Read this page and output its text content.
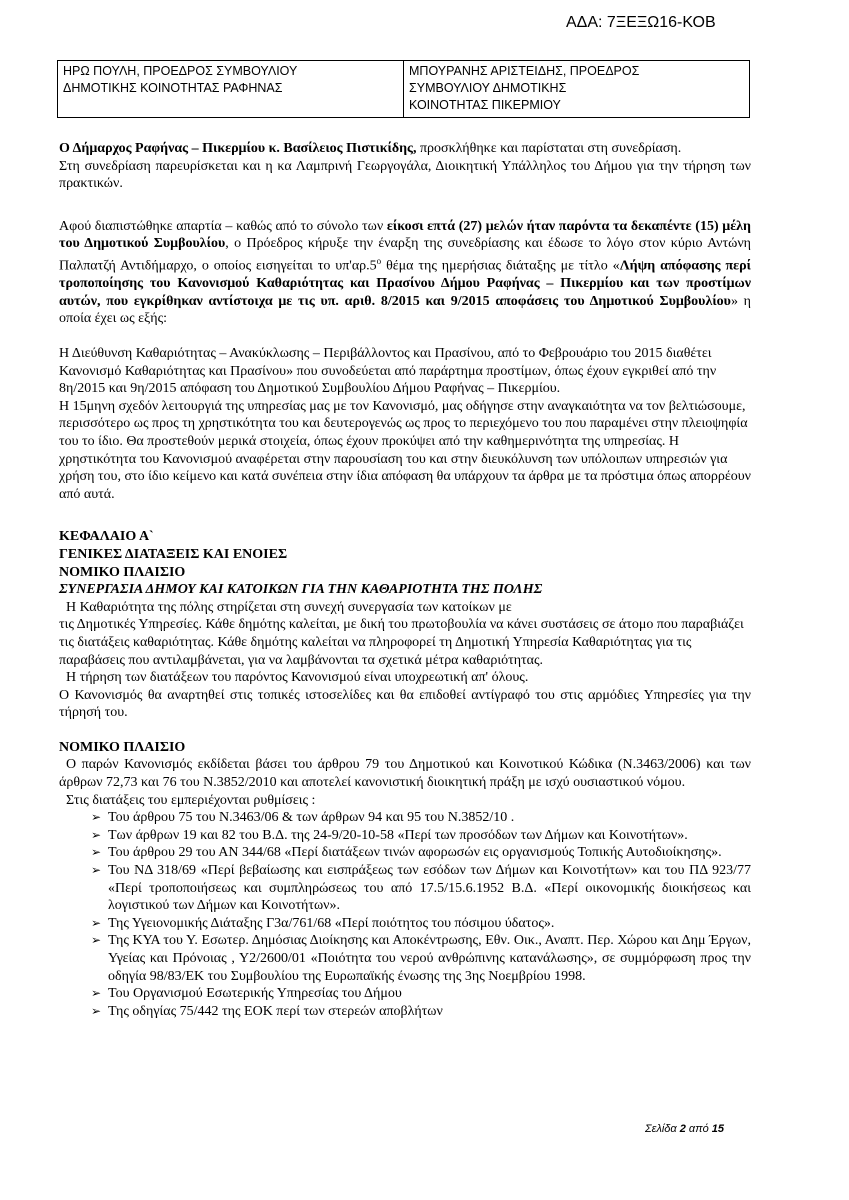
ΑΔΑ: 7ΞΕΞΩ16-ΚΟΒ
ΗΡΩ ΠΟΥΛΗ, ΠΡΟΕΔΡΟΣ ΣΥΜΒΟΥΛΙΟΥ
ΔΗΜΟΤΙΚΗΣ ΚΟΙΝΟΤΗΤΑΣ ΡΑΦΗΝΑΣ

ΜΠΟΥΡΑΝΗΣ ΑΡΙΣΤΕΙΔΗΣ, ΠΡΟΕΔΡΟΣ
ΣΥΜΒΟΥΛΙΟΥ ΔΗΜΟΤΙΚΗΣ
ΚΟΙΝΟΤΗΤΑΣ ΠΙΚΕΡΜΙΟΥ

Ο Δήμαρχος Ραφήνας – Πικερμίου κ. Βασίλειος Πιστικίδης, προσκλήθηκε και παρίσταται στη συνεδρίαση.

Στη συνεδρίαση παρευρίσκεται και η κα Λαμπρινή Γεωργογάλα, Διοικητική Υπάλληλος του Δήμου για την τήρηση των πρακτικών.

Αφού διαπιστώθηκε απαρτία – καθώς από το σύνολο των είκοσι επτά (27) μελών ήταν παρόντα τα δεκαπέντε (15) μέλη του Δημοτικού Συμβουλίου, ο Πρόεδρος κήρυξε την έναρξη της συνεδρίασης και έδωσε το λόγο στον κύριο Αντώνη Παλπατζή Αντιδήμαρχο, ο οποίος εισηγείται το $\upsilon\pi'\alpha\rho.5^o$ θέμα της ημερήσιας διάταξης με τίτλο «Λήψη απόφασης περί τροποποίησης του Κανονισμού Καθαριότητας και Πρασίνου Δήμου Ραφήνας – Πικερμίου και των προστίμων αυτών, που εγκρίθηκαν αντίστοιχα με τις υπ. αριθ. 8/2015 και 9/2015 αποφάσεις του Δημοτικού Συμβουλίου» η οποία έχει ως εξής:

Η Διεύθυνση Καθαριότητας – Ανακύκλωσης – Περιβάλλοντος και Πρασίνου, από το Φεβρουάριο του 2015 διαθέτει Κανονισμό Καθαριότητας και Πρασίνου» που συνοδεύεται από παράρτημα προστίμων, όπως έχουν εγκριθεί από την 8η/2015 και 9η/2015 απόφαση του Δημοτικού Συμβουλίου Δήμου Ραφήνας – Πικερμίου.

Η 15μηνη σχεδόν λειτουργιά της υπηρεσίας μας με τον Κανονισμό, μας οδήγησε στην αναγκαιότητα να τον βελτιώσουμε, περισσότερο ως προς τη χρηστικότητα του και δευτερογενώς ως προς το περιεχόμενο του που παραμένει στην πλειοψηφία του το ίδιο. Θα προστεθούν μερικά στοιχεία, όπως έχουν προκύψει από την καθημερινότητα της υπηρεσίας. Η χρηστικότητα του Κανονισμού αναφέρεται στην παρουσίαση του και στην διευκόλυνση των υπόλοιπων υπηρεσιών για χρήση του, στο ίδιο κείμενο και κατά συνέπεια στην ίδια απόφαση θα υπάρχουν τα άρθρα με τα πρόστιμα όπως απορρέουν από αυτά.

ΚΕΦΑΛΑΙΟ Α`

ΓΕΝΙΚΕΣ ΔΙΑΤΑΞΕΙΣ ΚΑΙ ΕΝΟΙΕΣ

ΝΟΜΙΚΟ ΠΛΑΙΣΙΟ

ΣΥΝΕΡΓΑΣΙΑ ΔΗΜΟΥ ΚΑΙ ΚΑΤΟΙΚΩΝ ΓΙΑ ΤΗΝ ΚΑΘΑΡΙΟΤΗΤΑ ΤΗΣ ΠΟΛΗΣ

Η Καθαριότητα της πόλης στηρίζεται στη συνεχή συνεργασία των κατοίκων με

τις Δημοτικές Υπηρεσίες. Κάθε δημότης καλείται, με δική του πρωτοβουλία να κάνει συστάσεις σε άτομο που παραβιάζει τις διατάξεις καθαριότητας. Κάθε δημότης καλείται να πληροφορεί τη Δημοτική Υπηρεσία Καθαριότητας για τις παραβάσεις που αντιλαμβάνεται, για να λαμβάνονται τα σχετικά μέτρα καθαριότητας.

Η τήρηση των διατάξεων του παρόντος Κανονισμού είναι υποχρεωτική απ' όλους.

Ο Κανονισμός θα αναρτηθεί στις τοπικές ιστοσελίδες και θα επιδοθεί αντίγραφό του στις αρμόδιες Υπηρεσίες για την τήρησή του.

ΝΟΜΙΚΟ ΠΛΑΙΣΙΟ

Ο παρών Κανονισμός εκδίδεται βάσει του άρθρου 79 του Δημοτικού και Κοινοτικού Κώδικα (Ν.3463/2006) και των άρθρων 72,73 και 76 του Ν.3852/2010 και αποτελεί κανονιστική διοικητική πράξη με ισχύ ουσιαστικού νόμου.

Στις διατάξεις του εμπεριέχονται ρυθμίσεις :

➢ Του άρθρου 75 του Ν.3463/06 & των άρθρων 94 και 95 του Ν.3852/10 .
➢ Των άρθρων 19 και 82 του Β.Δ. της 24-9/20-10-58 «Περί των προσόδων των Δήμων και Κοινοτήτων».
➢ Του άρθρου 29 του ΑΝ 344/68 «Περί διατάξεων τινών αφορωσών εις οργανισμούς Τοπικής Αυτοδιοίκησης».
➢ Του ΝΔ 318/69 «Περί βεβαίωσης και εισπράξεως των εσόδων των Δήμων και Κοινοτήτων» και του ΠΔ 923/77 «Περί τροποποιήσεως και συμπληρώσεως του από 17.5/15.6.1952 Β.Δ. «Περί οικονομικής διοικήσεως και λογιστικού των Δήμων και Κοινοτήτων».
➢ Της Υγειονομικής Διάταξης Γ3α/761/68 «Περί ποιότητος του πόσιμου ύδατος».
➢ Της ΚΥΑ του Υ. Εσωτερ. Δημόσιας Διοίκησης και Αποκέντρωσης, Εθν. Οικ., Αναπτ. Περ. Χώρου και Δημ Έργων, Υγείας και Πρόνοιας , Υ2/2600/01 «Ποιότητα του νερού ανθρώπινης κατανάλωσης», σε συμμόρφωση προς την οδηγία 98/83/ΕΚ του Συμβουλίου της Ευρωπαϊκής ένωσης της 3ης Νοεμβρίου 1998.
➢ Του Οργανισμού Εσωτερικής Υπηρεσίας του Δήμου
➢ Της οδηγίας 75/442 της ΕΟΚ περί των στερεών αποβλήτων
Σελίδα 2 από 15
